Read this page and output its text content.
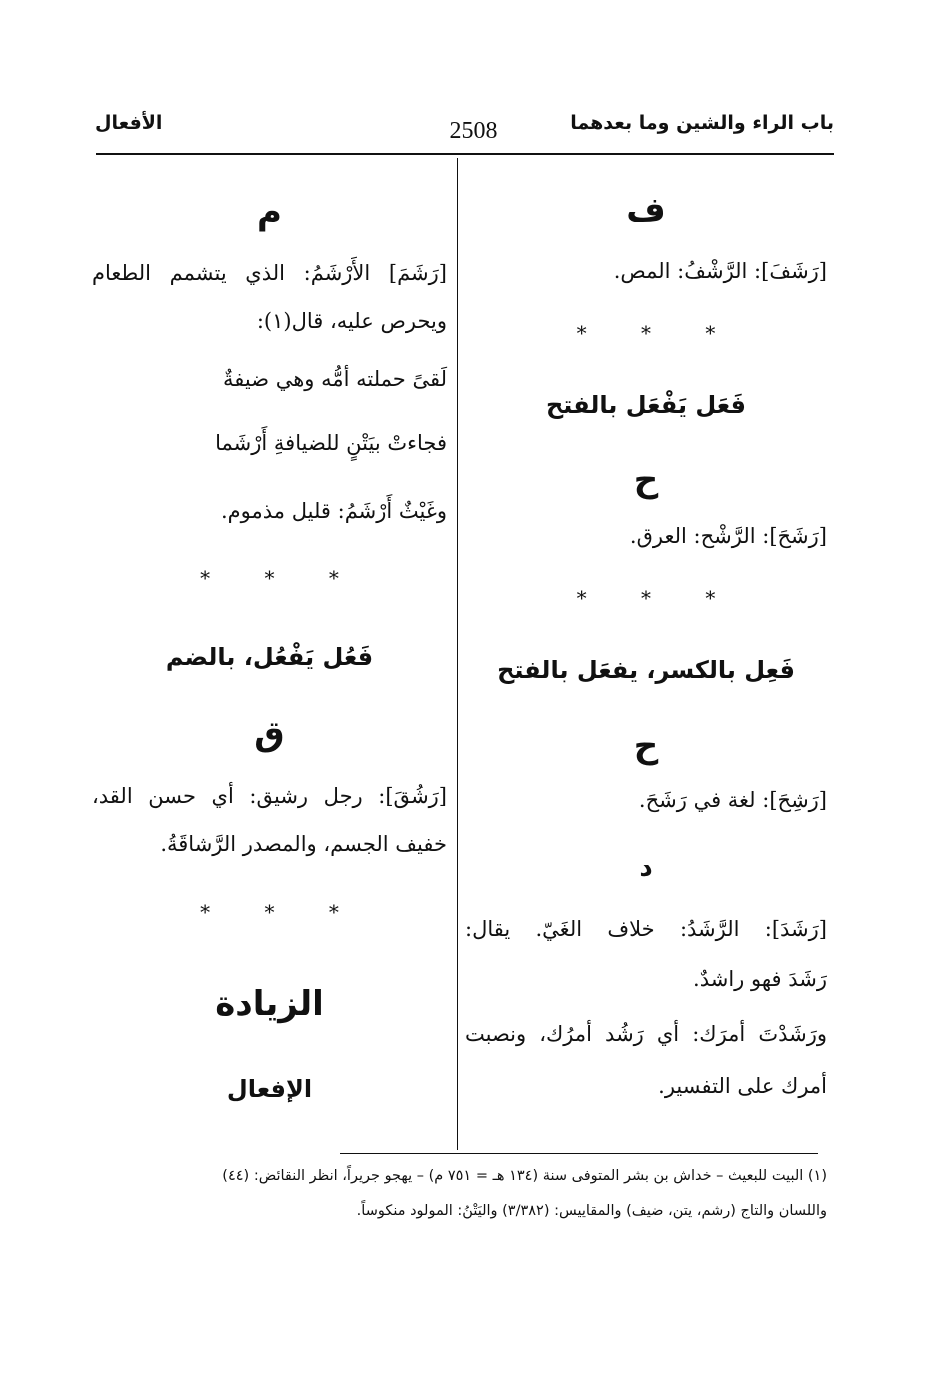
باب الراء والشين وما بعدهما
2508
الأفعال
ف
[رَشَفَ]: الرَّشْفُ: المص.
* * *
فَعَل يَفْعَل بالفتح
ح
[رَشَحَ]: الرَّشْح: العرق.
* * *
فَعِل بالكسر، يفعَل بالفتح
ح
[رَشِحَ]: لغة في رَشَحَ.
د
[رَشَدَ]: الرَّشَدُ: خلاف الغَيّ. يقال:
رَشَدَ فهو راشدٌ.
ورَشَدْتَ أمرَك: أي رَشُد أمرُك، ونصبت
أمرك على التفسير.
م
[رَشَمَ] الأَرْشَمُ: الذي يتشمم الطعام
ويحرص عليه، قال(١):
لَقىً حملته أمُّه وهي ضيفةٌ
فجاءتْ بيَتْنٍ للضيافةِ أَرْشَما
وغَيْثٌ أَرْشَمُ: قليل مذموم.
* * *
فَعُل يَفْعُل، بالضم
ق
[رَشُقَ]: رجل رشيق: أي حسن القد،
خفيف الجسم، والمصدر الرَّشاقَةُ.
* * *
الزيادة
الإفعال
(١) البيت للبعيث – خداش بن بشر المتوفى سنة (١٣٤ هـ = ٧٥١ م) – يهجو جريراً، انظر النقائض: (٤٤)
واللسان والتاج (رشم، يتن، ضيف) والمقاييس: (٣/٣٨٢) واليَتْنُ: المولود منكوساً.
